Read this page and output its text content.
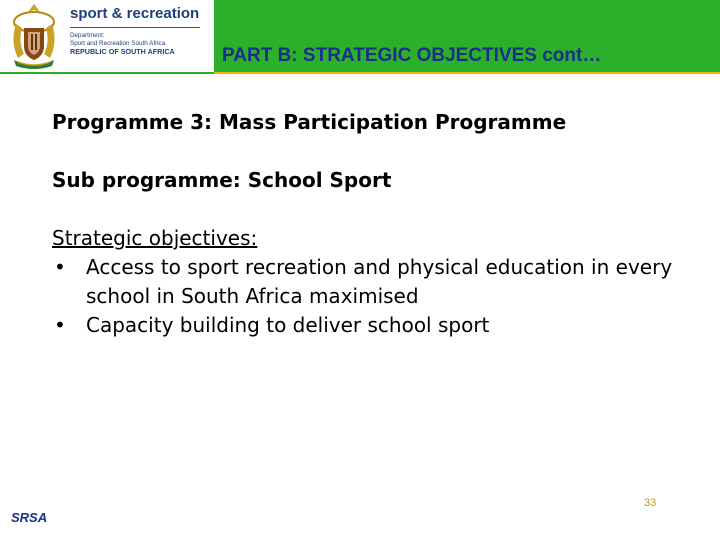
sport & recreation
Department:
Sport and Recreation South Africa
REPUBLIC OF SOUTH AFRICA	PART B: STRATEGIC OBJECTIVES cont…
Programme 3: Mass Participation Programme
Sub programme: School Sport
Strategic objectives:
• Access to sport recreation and physical education in every school in South Africa maximised
• Capacity building to deliver school sport
33
SRSA
